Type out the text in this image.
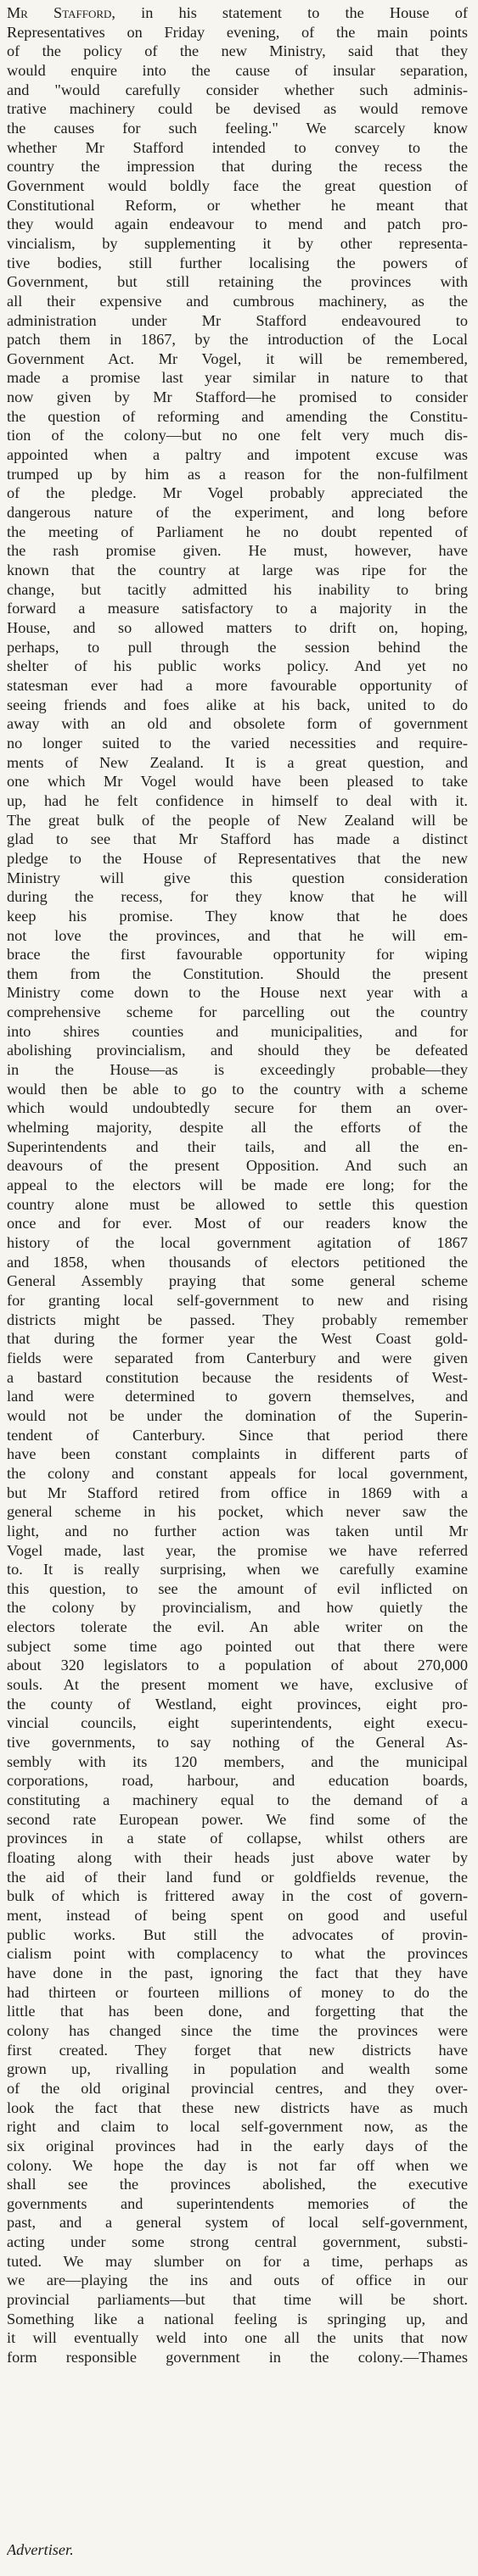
Mr Stafford, in his statement to the House of
Representatives on Friday evening, of the main points
of the policy of the new Ministry, said that they
would enquire into the cause of insular separation,
and "would carefully consider whether such adminis-
trative machinery could be devised as would remove
the causes for such feeling." We scarcely know
whether Mr Stafford intended to convey to the
country the impression that during the recess the
Government would boldly face the great question of
Constitutional Reform, or whether he meant that
they would again endeavour to mend and patch pro-
vincialism, by supplementing it by other representa-
tive bodies, still further localising the powers of
Government, but still retaining the provinces with
all their expensive and cumbrous machinery, as the
administration under Mr Stafford endeavoured to
patch them in 1867, by the introduction of the Local
Government Act. Mr Vogel, it will be remembered,
made a promise last year similar in nature to that
now given by Mr Stafford—he promised to consider
the question of reforming and amending the Constitu-
tion of the colony—but no one felt very much dis-
appointed when a paltry and impotent excuse was
trumped up by him as a reason for the non-fulfilment
of the pledge. Mr Vogel probably appreciated the
dangerous nature of the experiment, and long before
the meeting of Parliament he no doubt repented of
the rash promise given. He must, however, have
known that the country at large was ripe for the
change, but tacitly admitted his inability to bring
forward a measure satisfactory to a majority in the
House, and so allowed matters to drift on, hoping,
perhaps, to pull through the session behind the
shelter of his public works policy. And yet no
statesman ever had a more favourable opportunity of
seeing friends and foes alike at his back, united to do
away with an old and obsolete form of government
no longer suited to the varied necessities and require-
ments of New Zealand. It is a great question, and
one which Mr Vogel would have been pleased to take
up, had he felt confidence in himself to deal with it.
The great bulk of the people of New Zealand will be
glad to see that Mr Stafford has made a distinct
pledge to the House of Representatives that the new
Ministry will give this question consideration
during the recess, for they know that he will
keep his promise. They know that he does
not love the provinces, and that he will em-
brace the first favourable opportunity for wiping
them from the Constitution. Should the present
Ministry come down to the House next year with a
comprehensive scheme for parcelling out the country
into shires counties and municipalities, and for
abolishing provincialism, and should they be defeated
in the House—as is exceedingly probable—they
would then be able to go to the country with a scheme
which would undoubtedly secure for them an over-
whelming majority, despite all the efforts of the
Superintendents and their tails, and all the en-
deavours of the present Opposition. And such an
appeal to the electors will be made ere long; for the
country alone must be allowed to settle this question
once and for ever. Most of our readers know the
history of the local government agitation of 1867
and 1858, when thousands of electors petitioned the
General Assembly praying that some general scheme
for granting local self-government to new and rising
districts might be passed. They probably remember
that during the former year the West Coast gold-
fields were separated from Canterbury and were given
a bastard constitution because the residents of West-
land were determined to govern themselves, and
would not be under the domination of the Superin-
tendent of Canterbury. Since that period there
have been constant complaints in different parts of
the colony and constant appeals for local government,
but Mr Stafford retired from office in 1869 with a
general scheme in his pocket, which never saw the
light, and no further action was taken until Mr
Vogel made, last year, the promise we have referred
to. It is really surprising, when we carefully examine
this question, to see the amount of evil inflicted on
the colony by provincialism, and how quietly the
electors tolerate the evil. An able writer on the
subject some time ago pointed out that there were
about 320 legislators to a population of about 270,000
souls. At the present moment we have, exclusive of
the county of Westland, eight provinces, eight pro-
vincial councils, eight superintendents, eight execu-
tive governments, to say nothing of the General As-
sembly with its 120 members, and the municipal
corporations, road, harbour, and education boards,
constituting a machinery equal to the demand of a
second rate European power. We find some of the
provinces in a state of collapse, whilst others are
floating along with their heads just above water by
the aid of their land fund or goldfields revenue, the
bulk of which is frittered away in the cost of govern-
ment, instead of being spent on good and useful
public works. But still the advocates of provin-
cialism point with complacency to what the provinces
have done in the past, ignoring the fact that they have
had thirteen or fourteen millions of money to do the
little that has been done, and forgetting that the
colony has changed since the time the provinces were
first created. They forget that new districts have
grown up, rivalling in population and wealth some
of the old original provincial centres, and they over-
look the fact that these new districts have as much
right and claim to local self-government now, as the
six original provinces had in the early days of the
colony. We hope the day is not far off when we
shall see the provinces abolished, the executive
governments and superintendents memories of the
past, and a general system of local self-government,
acting under some strong central government, substi-
tuted. We may slumber on for a time, perhaps as
we are—playing the ins and outs of office in our
provincial parliaments—but that time will be short.
Something like a national feeling is springing up, and
it will eventually weld into one all the units that now
form responsible government in the colony.—Thames
Advertiser.
